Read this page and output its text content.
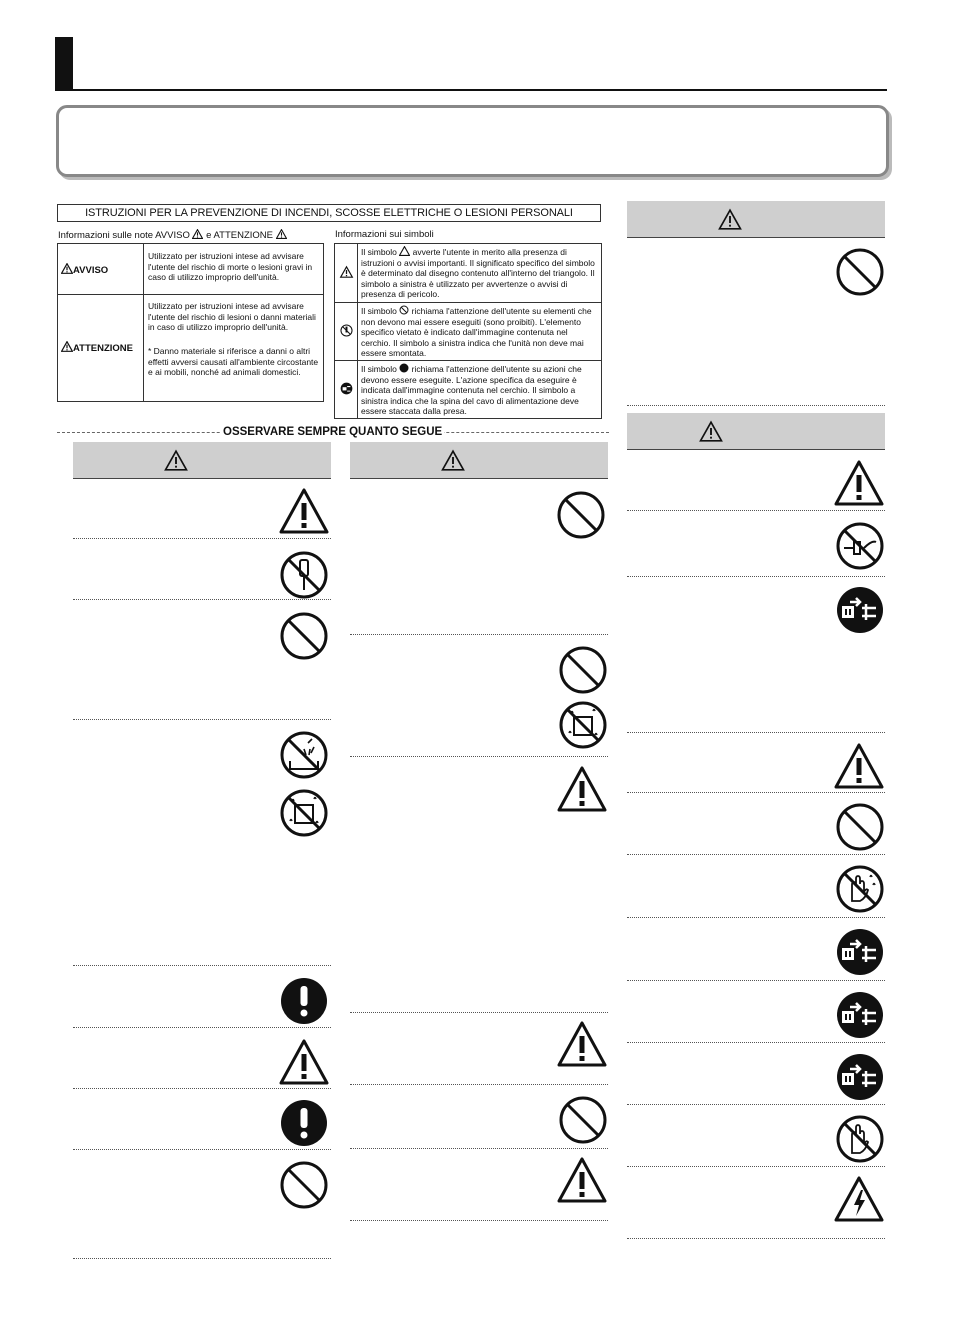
ISTRUZIONI PER LA PREVENZIONE DI INCENDI, SCOSSE ELETTRICHE O LESIONI PERSONALI
Informazioni sulle note AVVISO e ATTENZIONE	Informazioni sui simboli
AVVISO
Utilizzato per istruzioni intese ad avvisare l'utente del rischio di morte o lesioni gravi in caso di utilizzo improprio dell'unità.
ATTENZIONE
Utilizzato per istruzioni intese ad avvisare l'utente del rischio di lesioni o danni materiali in caso di utilizzo improprio dell'unità.
* Danno materiale si riferisce a danni o altri effetti avversi causati all'ambiente circostante e ai mobili, nonché ad animali domestici.
Il simbolo avverte l'utente in merito alla presenza di istruzioni o avvisi importanti. Il significato specifico del simbolo è determinato dal disegno contenuto all'interno del triangolo. Il simbolo a sinistra è utilizzato per avvertenze o avvisi di presenza di pericolo.
Il simbolo richiama l'attenzione dell'utente su elementi che non devono mai essere eseguiti (sono proibiti). L'elemento specifico vietato è indicato dall'immagine contenuta nel cerchio. Il simbolo a sinistra indica che l'unità non deve mai essere smontata.
Il simbolo richiama l'attenzione dell'utente su azioni che devono essere eseguite. L'azione specifica da eseguire è indicata dall'immagine contenuta nel cerchio. Il simbolo a sinistra indica che la spina del cavo di alimentazione deve essere staccata dalla presa.
OSSERVARE SEMPRE QUANTO SEGUE
